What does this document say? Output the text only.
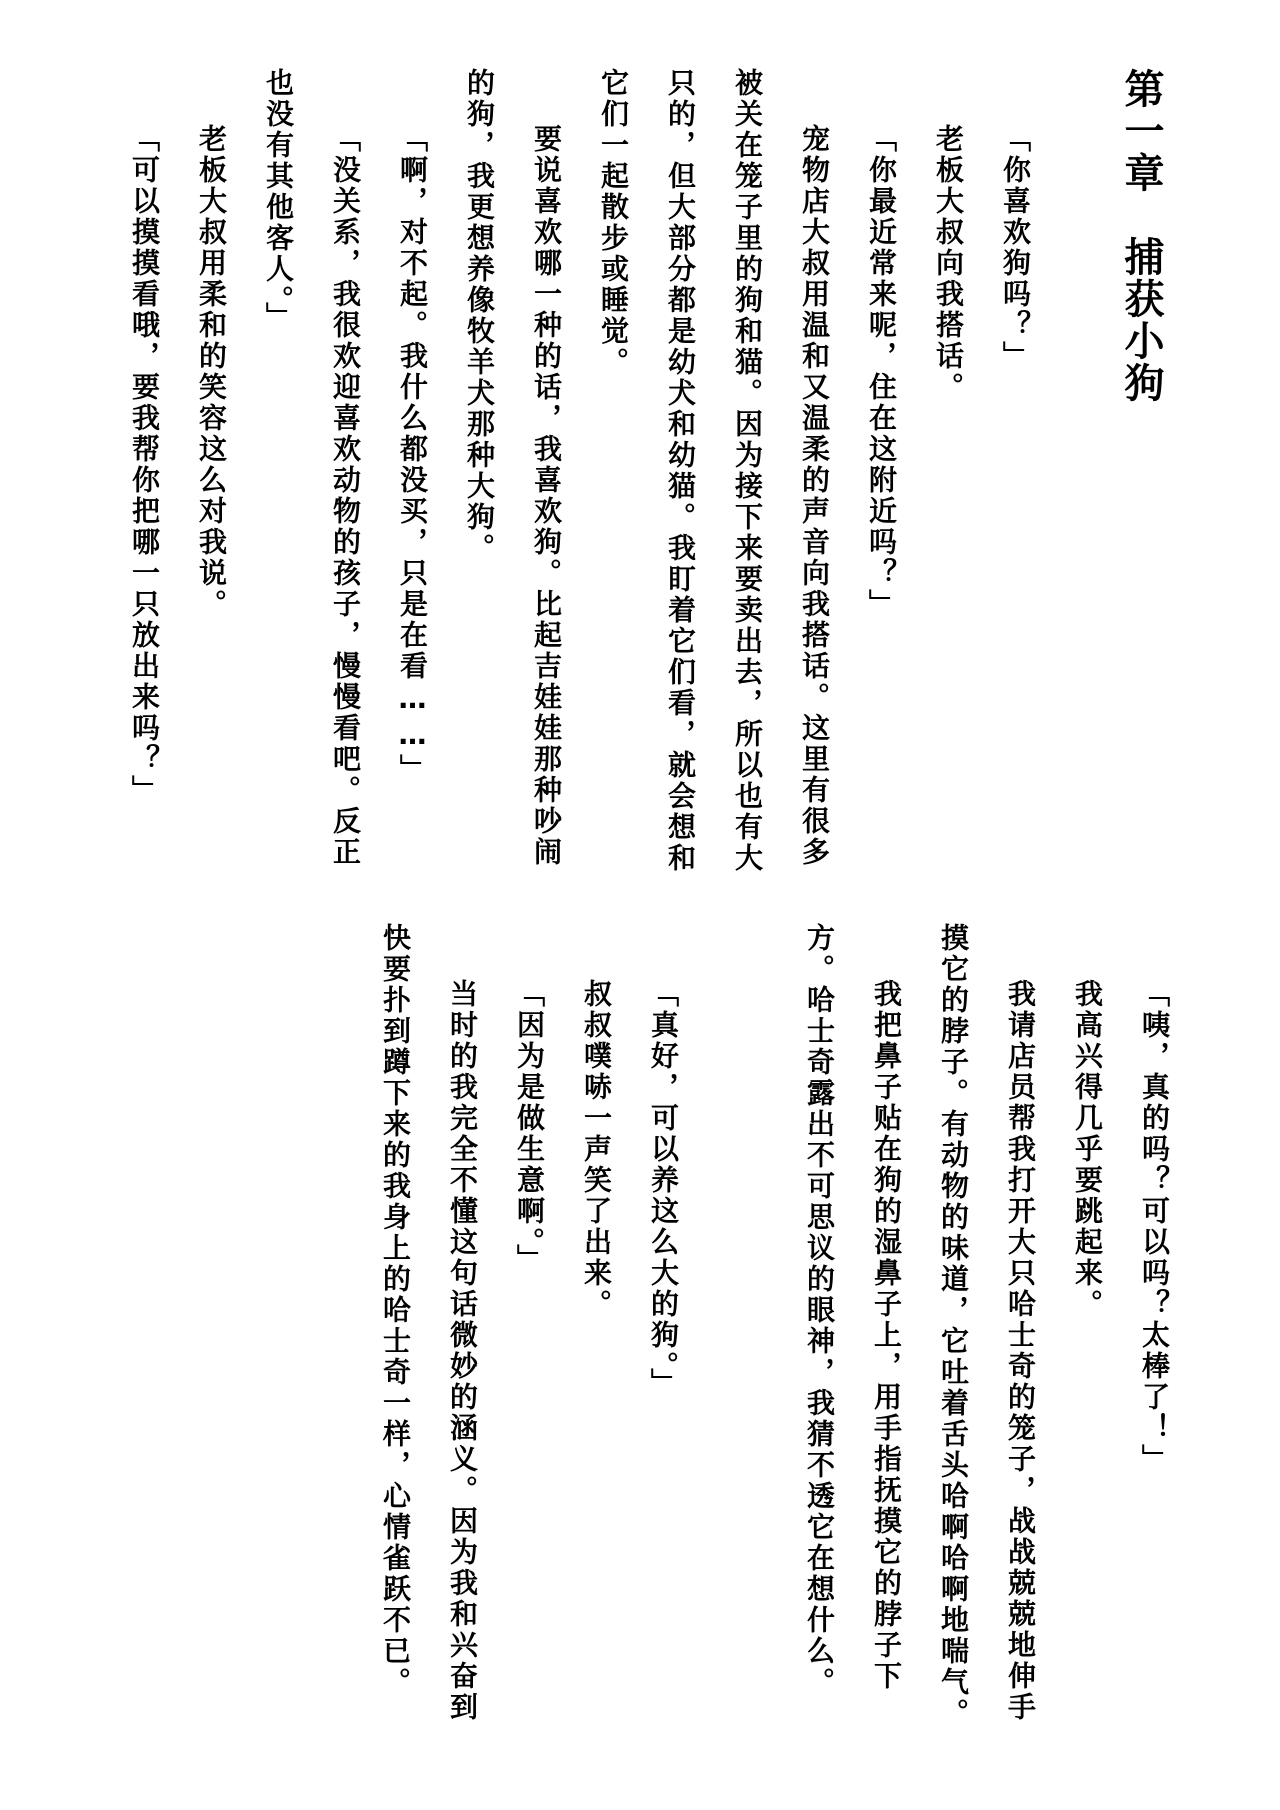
第一章　捕获小狗

「你喜欢狗吗？」

老板大叔向我搭话。

「你最近常来呢，住在这附近吗？」

宠物店大叔用温和又温柔的声音向我搭话。这里有很多被关在笼子里的狗和猫。因为接下来要卖出去，所以也有大只的，但大部分都是幼犬和幼猫。我盯着它们看，就会想和它们一起散步或睡觉。

要说喜欢哪一种的话，我喜欢狗。比起吉娃娃那种吵闹的狗，我更想养像牧羊犬那种大狗。

「啊，对不起。我什么都没买，只是在看……」

「没关系，我很欢迎喜欢动物的孩子，慢慢看吧。反正也没有其他客人。」

老板大叔用柔和的笑容这么对我说。

「可以摸摸看哦，要我帮你把哪一只放出来吗？」

「咦，真的吗？可以吗？太棒了！」

我高兴得几乎要跳起来。

我请店员帮我打开大只哈士奇的笼子，战战兢兢地伸手摸它的脖子。有动物的味道，它吐着舌头哈啊哈啊地喘气。

我把鼻子贴在狗的湿鼻子上，用手指抚摸它的脖子下方。哈士奇露出不可思议的眼神，我猜不透它在想什么。

「真好，可以养这么大的狗。」

叔叔噗哧一声笑了出来。

「因为是做生意啊。」

当时的我完全不懂这句话微妙的涵义。因为我和兴奋到快要扑到蹲下来的我身上的哈士奇一样，心情雀跃不已。
